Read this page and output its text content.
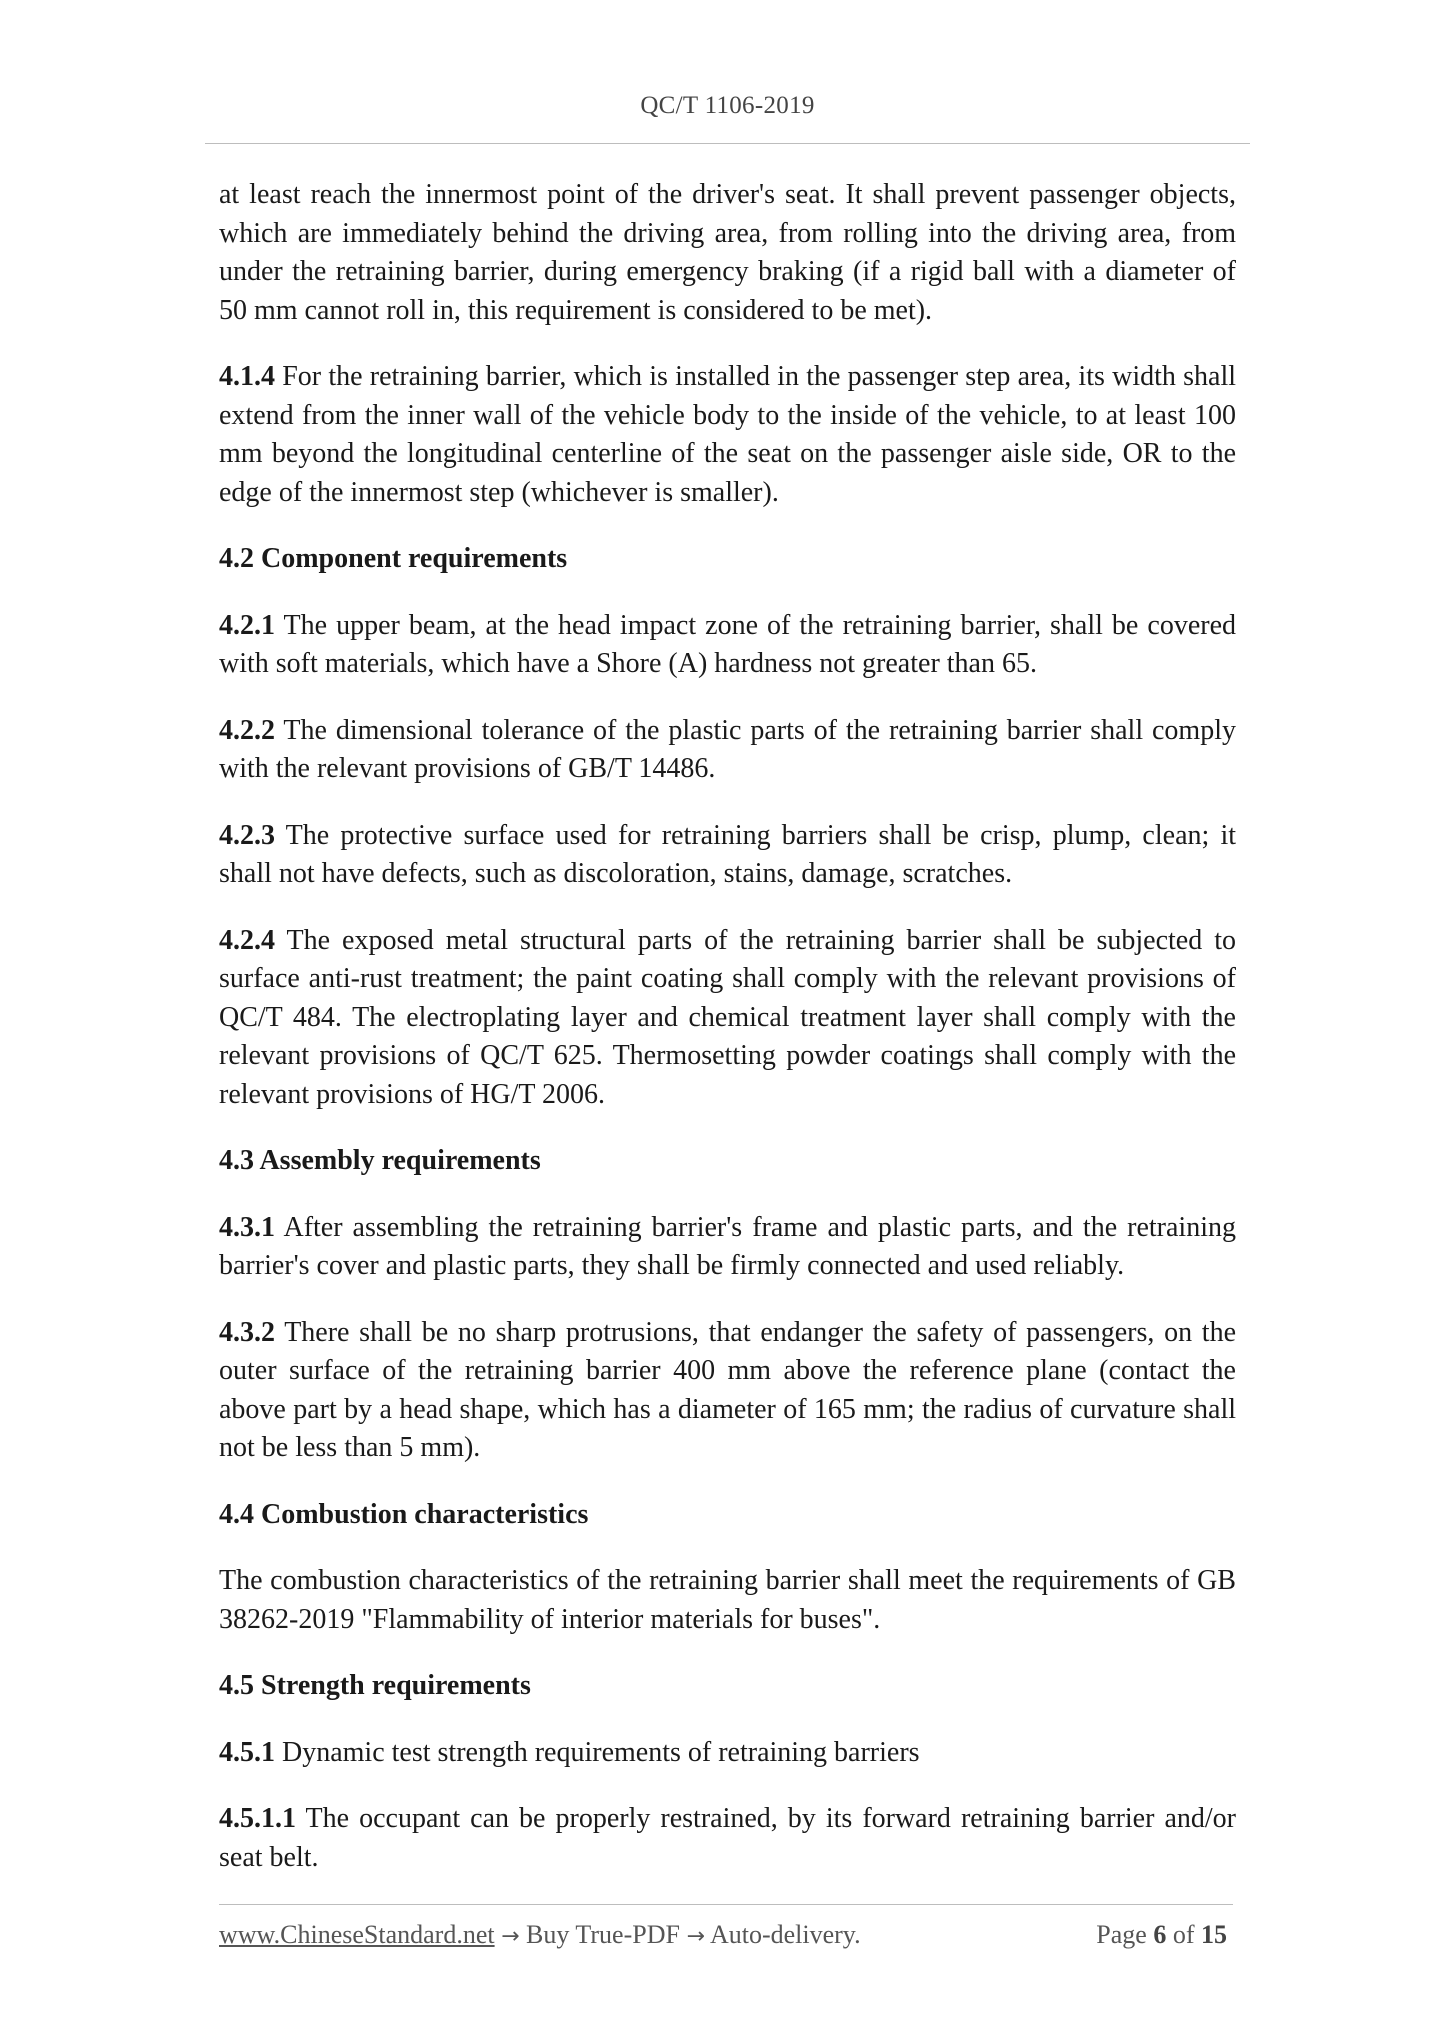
QC/T 1106-2019

at least reach the innermost point of the driver's seat. It shall prevent passenger objects, which are immediately behind the driving area, from rolling into the driving area, from under the retraining barrier, during emergency braking (if a rigid ball with a diameter of 50 mm cannot roll in, this requirement is considered to be met).

4.1.4 For the retraining barrier, which is installed in the passenger step area, its width shall extend from the inner wall of the vehicle body to the inside of the vehicle, to at least 100 mm beyond the longitudinal centerline of the seat on the passenger aisle side, OR to the edge of the innermost step (whichever is smaller).

4.2 Component requirements

4.2.1 The upper beam, at the head impact zone of the retraining barrier, shall be covered with soft materials, which have a Shore (A) hardness not greater than 65.

4.2.2 The dimensional tolerance of the plastic parts of the retraining barrier shall comply with the relevant provisions of GB/T 14486.

4.2.3 The protective surface used for retraining barriers shall be crisp, plump, clean; it shall not have defects, such as discoloration, stains, damage, scratches.

4.2.4 The exposed metal structural parts of the retraining barrier shall be subjected to surface anti-rust treatment; the paint coating shall comply with the relevant provisions of QC/T 484. The electroplating layer and chemical treatment layer shall comply with the relevant provisions of QC/T 625. Thermosetting powder coatings shall comply with the relevant provisions of HG/T 2006.

4.3 Assembly requirements

4.3.1 After assembling the retraining barrier's frame and plastic parts, and the retraining barrier's cover and plastic parts, they shall be firmly connected and used reliably.

4.3.2 There shall be no sharp protrusions, that endanger the safety of passengers, on the outer surface of the retraining barrier 400 mm above the reference plane (contact the above part by a head shape, which has a diameter of 165 mm; the radius of curvature shall not be less than 5 mm).

4.4 Combustion characteristics

The combustion characteristics of the retraining barrier shall meet the requirements of GB 38262-2019 "Flammability of interior materials for buses".

4.5 Strength requirements

4.5.1 Dynamic test strength requirements of retraining barriers

4.5.1.1 The occupant can be properly restrained, by its forward retraining barrier and/or seat belt.

www.ChineseStandard.net → Buy True-PDF → Auto-delivery.	Page 6 of 15
